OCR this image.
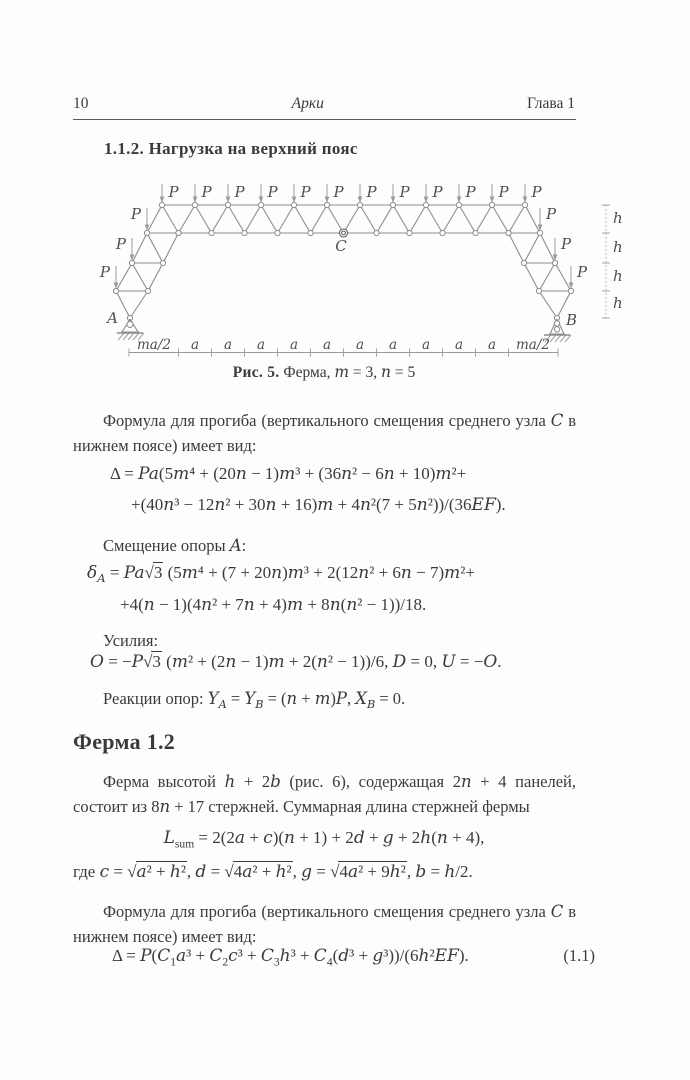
10	Арки	Глава 1
1.1.2. Нагрузка на верхний пояс
C
P P P P P P P P P P P P
P
P
P
P
P
P
A	B
ma/2 a a a a a a a a a a ma/2
h
h
h
h
Рис. 5. Ферма, m = 3, n = 5
Формула для прогиба (вертикального смещения среднего узла C в нижнем поясе) имеет вид:
Δ = Pa(5m⁴ + (20n − 1)m³ + (36n² − 6n + 10)m²+
+(40n³ − 12n² + 30n + 16)m + 4n²(7 + 5n²))/(36EF).
Смещение опоры A:
$\delta_A = Pa√3$ (5m⁴ + (7 + 20n)m³ + 2(12n² + 6n − 7)m²+
+4(n − 1)(4n² + 7n + 4)m + 8n(n² − 1))/18.
Усилия:
O = −P√3 (m² + (2n − 1)m + 2(n² − 1))/6, D = 0, U = −O.
Реакции опор: $Y_A = Y_B = (n + m)P$, $X_B = 0$.
Ферма 1.2
Ферма высотой h + 2b (рис. 6), содержащая 2n + 4 панелей, состоит из 8n + 17 стержней. Суммарная длина стержней фермы
$L_{sum} = 2(2a + c)(n + 1) + 2d + g + 2h(n + 4)$,
где c = √a² + h², d = √4a² + h², g = √4a² + 9h², b = h/2.
Формула для прогиба (вертикального смещения среднего узла C в нижнем поясе) имеет вид:
$\Delta = P(C_1a^3 + C_2c^3 + C_3h^3 + C_4(d^3 + g^3))/(6h^2EF)$.	(1.1)
